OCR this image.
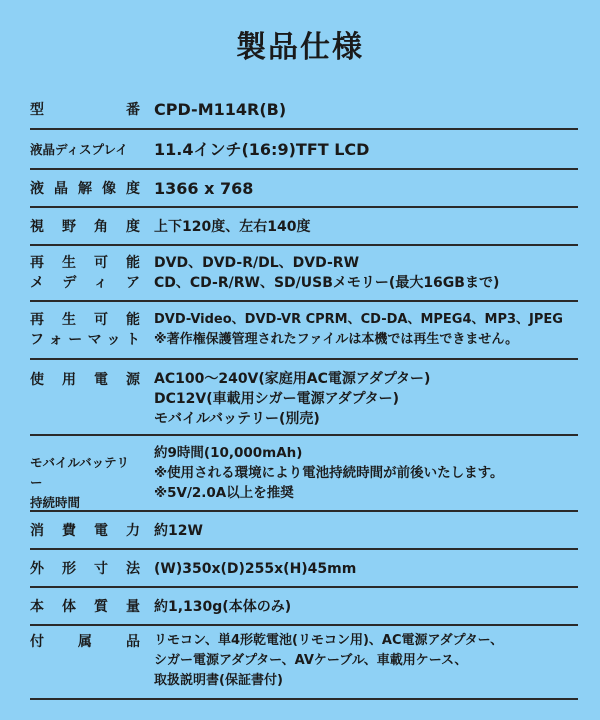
製品仕様
型　番 CPD-M114R(B)
液晶ディスプレイ	11.4インチ(16:9)TFT LCD
液晶解像度 1366 x 768
視野角度 上下120度、左右140度
再生可能
メディア
DVD、DVD-R/DL、DVD-RW
CD、CD-R/RW、SD/USBメモリー(最大16GBまで)
再生可能
フォーマット
DVD-Video、DVD-VR CPRM、CD-DA、MPEG4、MP3、JPEG
※著作権保護管理されたファイルは本機では再生できません。
使用電源 AC100〜240V(家庭用AC電源アダプター)
DC12V(車載用シガー電源アダプター)
モバイルバッテリー(別売)
モバイルバッテリー
持続時間
約9時間(10,000mAh)
※使用される環境により電池持続時間が前後いたします。
※5V/2.0A以上を推奨
消費電力 約12W
外形寸法 (W)350x(D)255x(H)45mm
本体質量 約1,130g(本体のみ)
付属品 リモコン、単4形乾電池(リモコン用)、AC電源アダプター、
シガー電源アダプター、AVケーブル、車載用ケース、
取扱説明書(保証書付)
